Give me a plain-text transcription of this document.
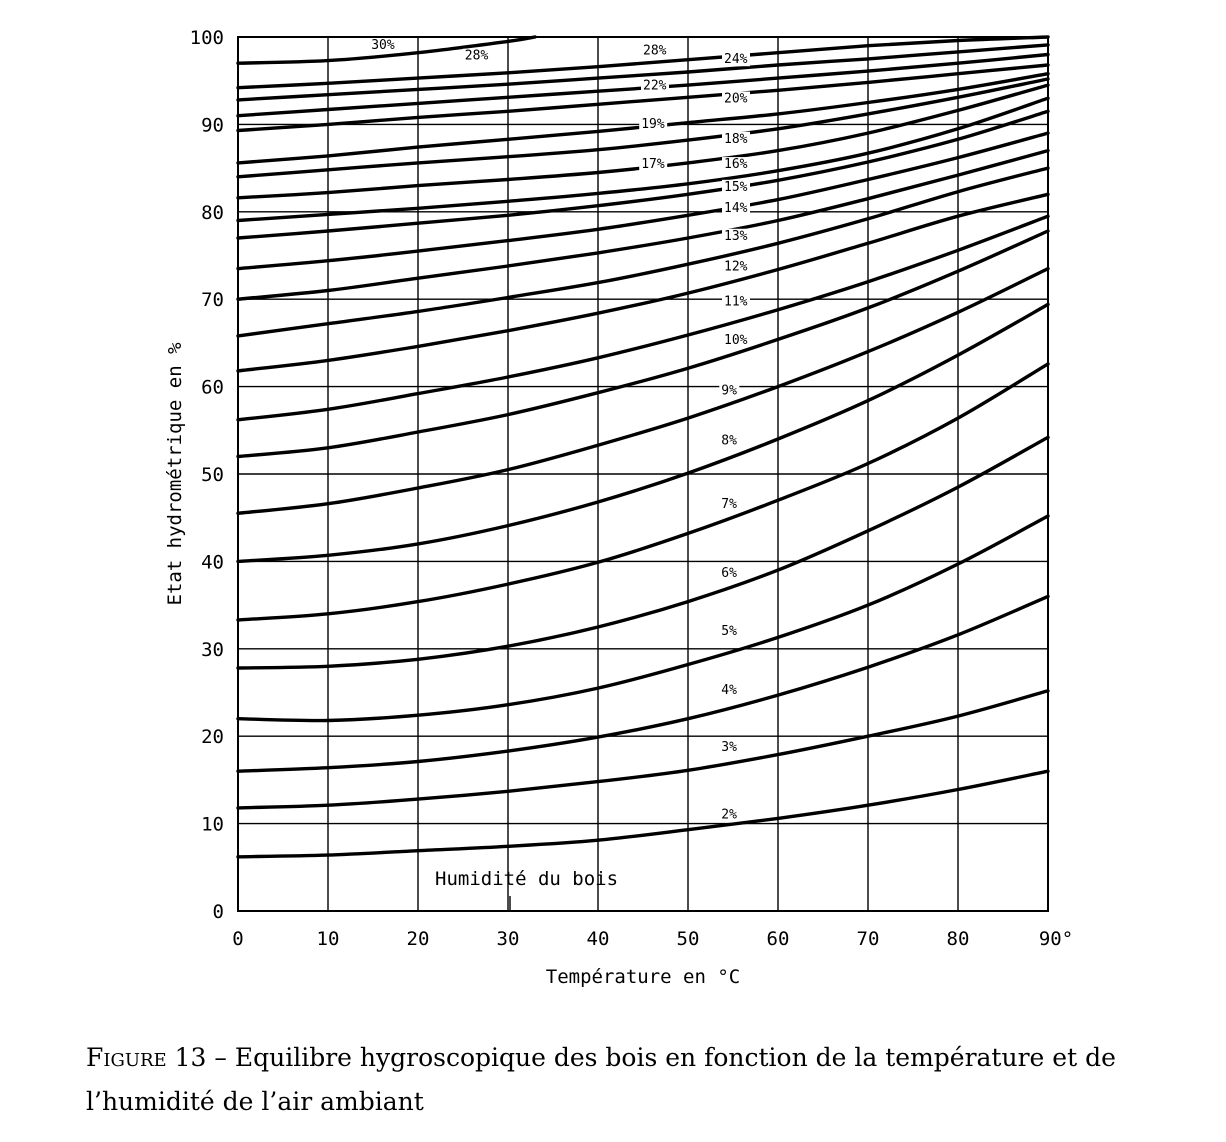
0	10	20	30	40	50	60	70	80	90°
0
10
20
30
40
50
60
70
80
90
100	30%
28%	28%
24%
22%
20%
19%
18%
17%	16%
15%
14%
13%
12%
11%
10%
9%
8%
7%
6%
5%
4%
3%
2%
Température en °C
Etat hydrométrique en %
Humidité du bois
Figure 13 – Equilibre hygroscopique des bois en fonction de la température et de l’humidité de l’air ambiant
